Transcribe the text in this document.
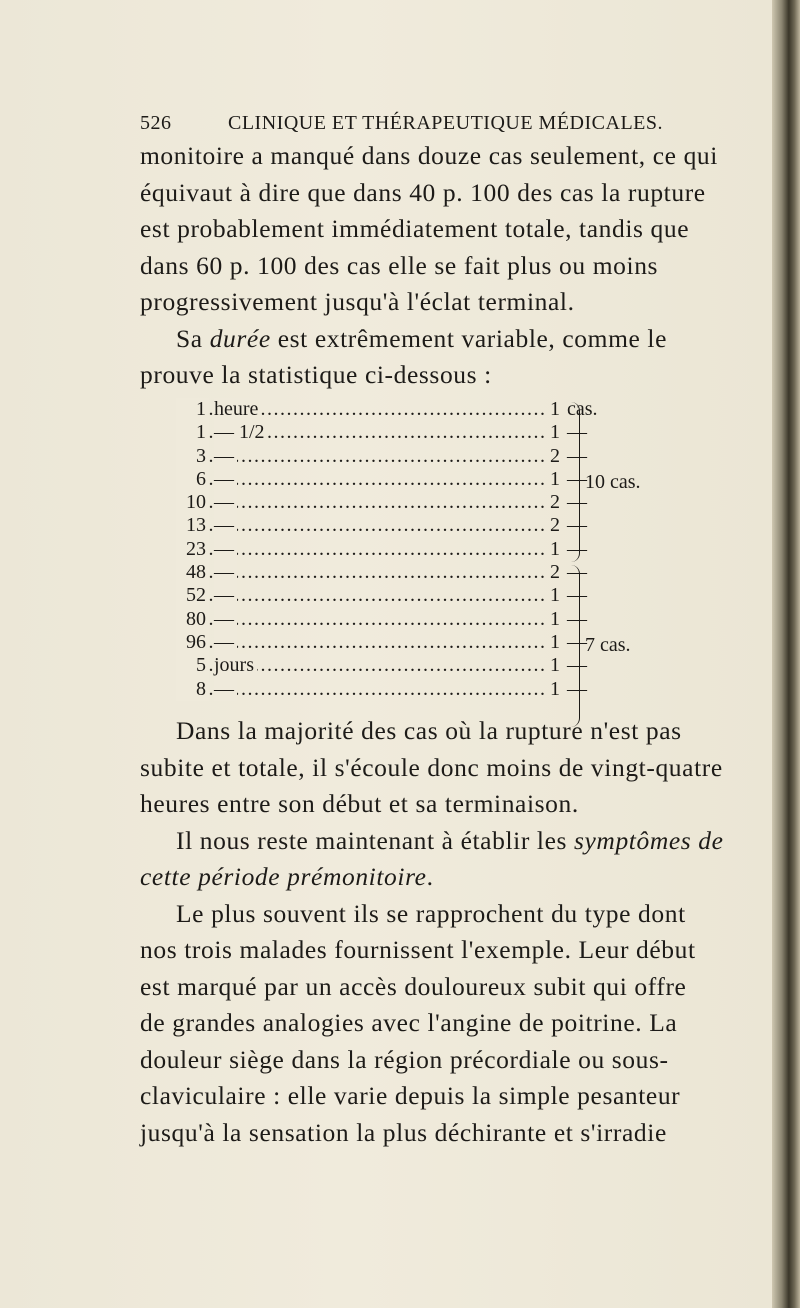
526	CLINIQUE ET THÉRAPEUTIQUE MÉDICALES.

monitoire a manqué dans douze cas seulement, ce qui

équivaut à dire que dans 40 p. 100 des cas la rupture

est probablement immédiatement totale, tandis que

dans 60 p. 100 des cas elle se fait plus ou moins

progressivement jusqu'à l'éclat terminal.

Sa durée est extrêmement variable, comme le

prouve la statistique ci-dessous :

.....
1 heure	1 cas.
.....
1 — 1/2	1 —
.....
3 —	2 —
.....
6 —	1 —
.....
10 —	2 —
.....
13 —	2 —
.....
23 —	1 —
.....
48 —	2 —
.....
52 —	1 —
.....
80 —	1 —
.....
96 —	1 —
.....
5 jours	1 —
.....
8 —	1 —
10 cas.
7 cas.

Dans la majorité des cas où la rupture n'est pas

subite et totale, il s'écoule donc moins de vingt-quatre

heures entre son début et sa terminaison.

Il nous reste maintenant à établir les symptômes de

cette période prémonitoire.

Le plus souvent ils se rapprochent du type dont

nos trois malades fournissent l'exemple. Leur début

est marqué par un accès douloureux subit qui offre

de grandes analogies avec l'angine de poitrine. La

douleur siège dans la région précordiale ou sous-

claviculaire : elle varie depuis la simple pesanteur

jusqu'à la sensation la plus déchirante et s'irradie
